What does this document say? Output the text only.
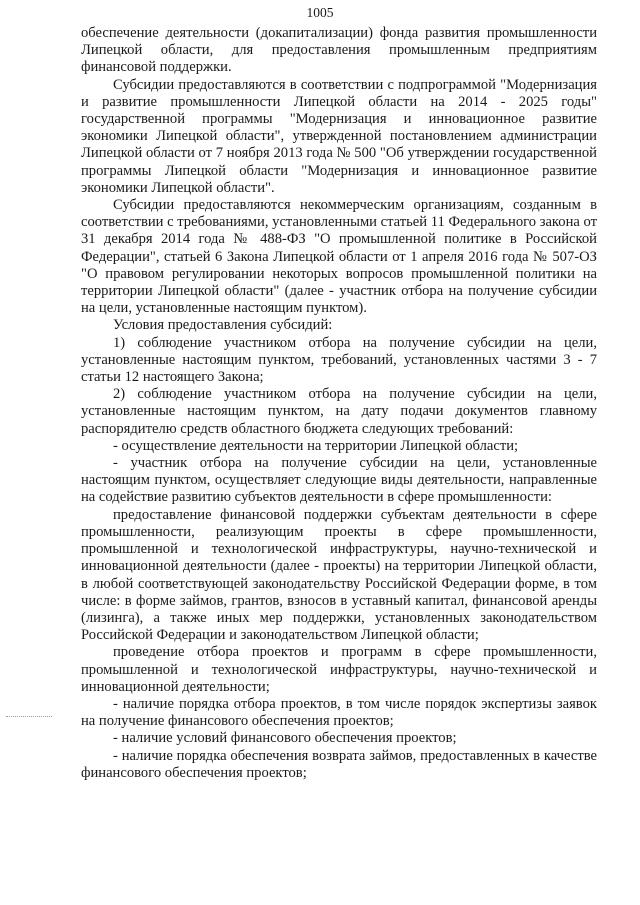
1005

обеспечение деятельности (докапитализации) фонда развития промышленности Липецкой области, для предоставления промышленным предприятиям финансовой поддержки.

Субсидии предоставляются в соответствии с подпрограммой "Модернизация и развитие промышленности Липецкой области на 2014 - 2025 годы" государственной программы "Модернизация и инновационное развитие экономики Липецкой области", утвержденной постановлением администрации Липецкой области от 7 ноября 2013 года № 500 "Об утверждении государственной программы Липецкой области "Модернизация и инновационное развитие экономики Липецкой области".

Субсидии предоставляются некоммерческим организациям, созданным в соответствии с требованиями, установленными статьей 11 Федерального закона от 31 декабря 2014 года № 488-ФЗ "О промышленной политике в Российской Федерации", статьей 6 Закона Липецкой области от 1 апреля 2016 года № 507-ОЗ "О правовом регулировании некоторых вопросов промышленной политики на территории Липецкой области" (далее - участник отбора на получение субсидии на цели, установленные настоящим пунктом).

Условия предоставления субсидий:

1) соблюдение участником отбора на получение субсидии на цели, установленные настоящим пунктом, требований, установленных частями 3 - 7 статьи 12 настоящего Закона;

2) соблюдение участником отбора на получение субсидии на цели, установленные настоящим пунктом, на дату подачи документов главному распорядителю средств областного бюджета следующих требований:

- осуществление деятельности на территории Липецкой области;

- участник отбора на получение субсидии на цели, установленные настоящим пунктом, осуществляет следующие виды деятельности, направленные на содействие развитию субъектов деятельности в сфере промышленности:

предоставление финансовой поддержки субъектам деятельности в сфере промышленности, реализующим проекты в сфере промышленности, промышленной и технологической инфраструктуры, научно-технической и инновационной деятельности (далее - проекты) на территории Липецкой области, в любой соответствующей законодательству Российской Федерации форме, в том числе: в форме займов, грантов, взносов в уставный капитал, финансовой аренды (лизинга), а также иных мер поддержки, установленных законодательством Российской Федерации и законодательством Липецкой области;

проведение отбора проектов и программ в сфере промышленности, промышленной и технологической инфраструктуры, научно-технической и инновационной деятельности;

- наличие порядка отбора проектов, в том числе порядок экспертизы заявок на получение финансового обеспечения проектов;

- наличие условий финансового обеспечения проектов;

- наличие порядка обеспечения возврата займов, предоставленных в качестве финансового обеспечения проектов;
